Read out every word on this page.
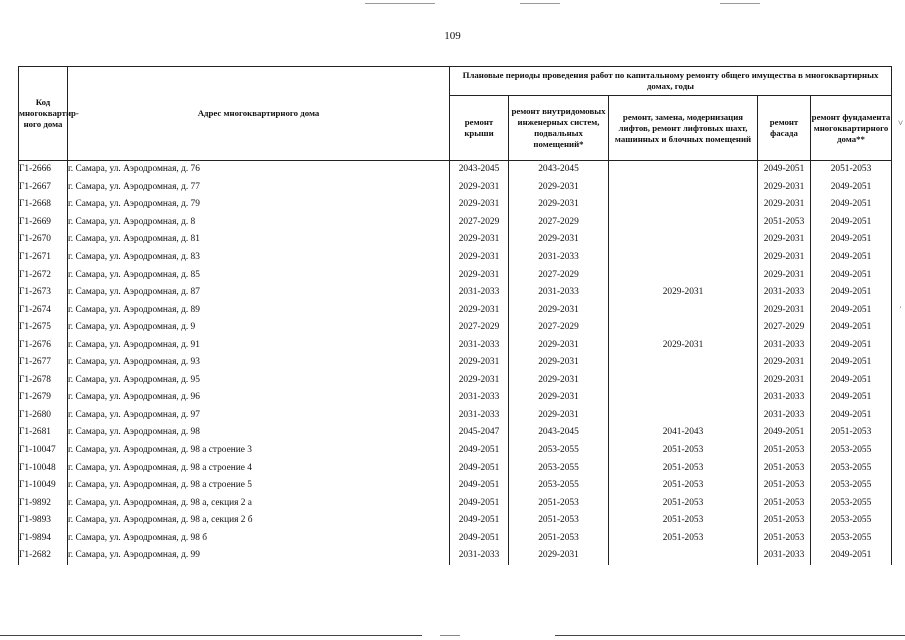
109
Код многоквартир-ного дома	Адрес многоквартирного дома	Плановые периоды проведения работ по капитальному ремонту общего имущества в многоквартирных домах, годы				
		ремонт крыши	ремонт внутридомовых инженерных систем, подвальных помещений*	ремонт, замена, модернизация лифтов, ремонт лифтовых шахт, машинных и блочных помещений	ремонт фасада	ремонт фундамента многоквартирного дома**
Г1-2666	г. Самара, ул. Аэродромная, д. 76	2043-2045	2043-2045		2049-2051	2051-2053
Г1-2667	г. Самара, ул. Аэродромная, д. 77	2029-2031	2029-2031		2029-2031	2049-2051
Г1-2668	г. Самара, ул. Аэродромная, д. 79	2029-2031	2029-2031		2029-2031	2049-2051
Г1-2669	г. Самара, ул. Аэродромная, д. 8	2027-2029	2027-2029		2051-2053	2049-2051
Г1-2670	г. Самара, ул. Аэродромная, д. 81	2029-2031	2029-2031		2029-2031	2049-2051
Г1-2671	г. Самара, ул. Аэродромная, д. 83	2029-2031	2031-2033		2029-2031	2049-2051
Г1-2672	г. Самара, ул. Аэродромная, д. 85	2029-2031	2027-2029		2029-2031	2049-2051
Г1-2673	г. Самара, ул. Аэродромная, д. 87	2031-2033	2031-2033	2029-2031	2031-2033	2049-2051
Г1-2674	г. Самара, ул. Аэродромная, д. 89	2029-2031	2029-2031		2029-2031	2049-2051
Г1-2675	г. Самара, ул. Аэродромная, д. 9	2027-2029	2027-2029		2027-2029	2049-2051
Г1-2676	г. Самара, ул. Аэродромная, д. 91	2031-2033	2029-2031	2029-2031	2031-2033	2049-2051
Г1-2677	г. Самара, ул. Аэродромная, д. 93	2029-2031	2029-2031		2029-2031	2049-2051
Г1-2678	г. Самара, ул. Аэродромная, д. 95	2029-2031	2029-2031		2029-2031	2049-2051
Г1-2679	г. Самара, ул. Аэродромная, д. 96	2031-2033	2029-2031		2031-2033	2049-2051
Г1-2680	г. Самара, ул. Аэродромная, д. 97	2031-2033	2029-2031		2031-2033	2049-2051
Г1-2681	г. Самара, ул. Аэродромная, д. 98	2045-2047	2043-2045	2041-2043	2049-2051	2051-2053
Г1-10047	г. Самара, ул. Аэродромная, д. 98 а строение 3	2049-2051	2053-2055	2051-2053	2051-2053	2053-2055
Г1-10048	г. Самара, ул. Аэродромная, д. 98 а строение 4	2049-2051	2053-2055	2051-2053	2051-2053	2053-2055
Г1-10049	г. Самара, ул. Аэродромная, д. 98 а строение 5	2049-2051	2053-2055	2051-2053	2051-2053	2053-2055
Г1-9892	г. Самара, ул. Аэродромная, д. 98 а, секция 2 а	2049-2051	2051-2053	2051-2053	2051-2053	2053-2055
Г1-9893	г. Самара, ул. Аэродромная, д. 98 а, секция 2 б	2049-2051	2051-2053	2051-2053	2051-2053	2053-2055
Г1-9894	г. Самара, ул. Аэродромная, д. 98 б	2049-2051	2051-2053	2051-2053	2051-2053	2053-2055
Г1-2682	г. Самара, ул. Аэродромная, д. 99	2031-2033	2029-2031		2031-2033	2049-2051
˅
ˈ
